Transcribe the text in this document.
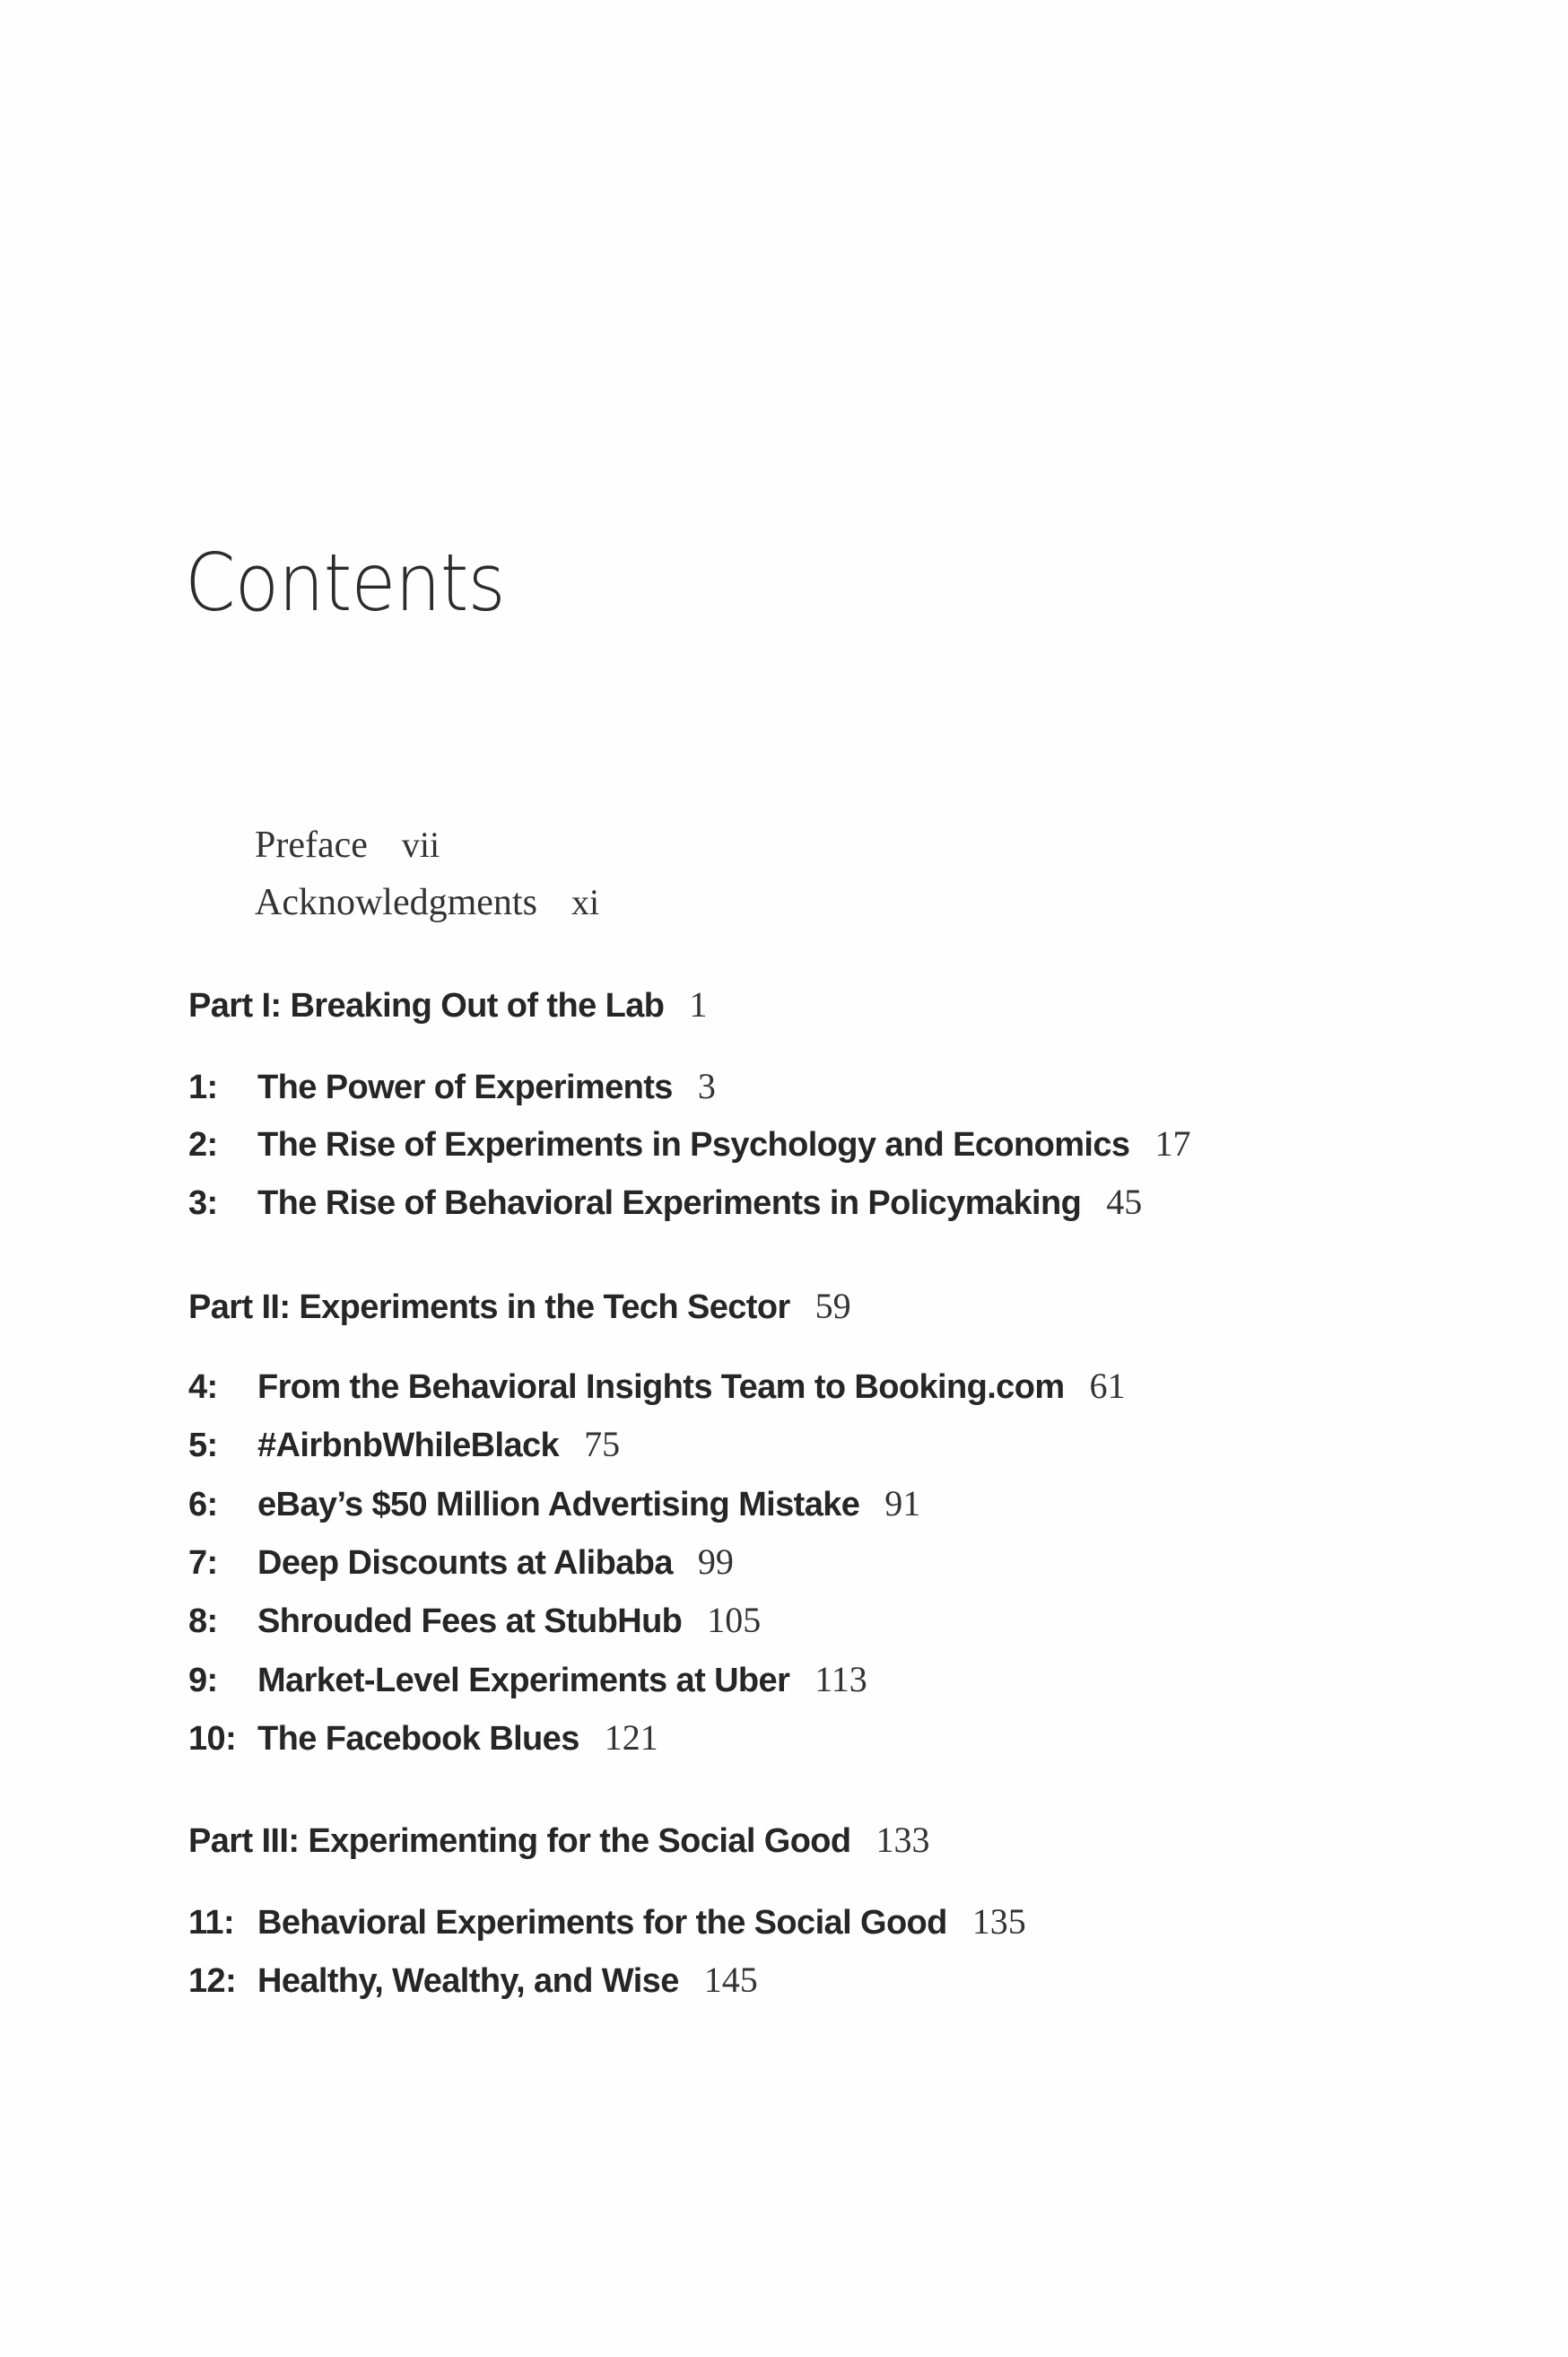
Contents
Preface vii
Acknowledgments xi
Part I: Breaking Out of the Lab 1
1: The Power of Experiments 3
2: The Rise of Experiments in Psychology and Economics 17
3: The Rise of Behavioral Experiments in Policymaking 45
Part II: Experiments in the Tech Sector 59
4: From the Behavioral Insights Team to Booking.com 61
5: #AirbnbWhileBlack 75
6: eBay’s $50 Million Advertising Mistake 91
7: Deep Discounts at Alibaba 99
8: Shrouded Fees at StubHub 105
9: Market-Level Experiments at Uber 113
10: The Facebook Blues 121
Part III: Experimenting for the Social Good 133
11: Behavioral Experiments for the Social Good 135
12: Healthy, Wealthy, and Wise 145
